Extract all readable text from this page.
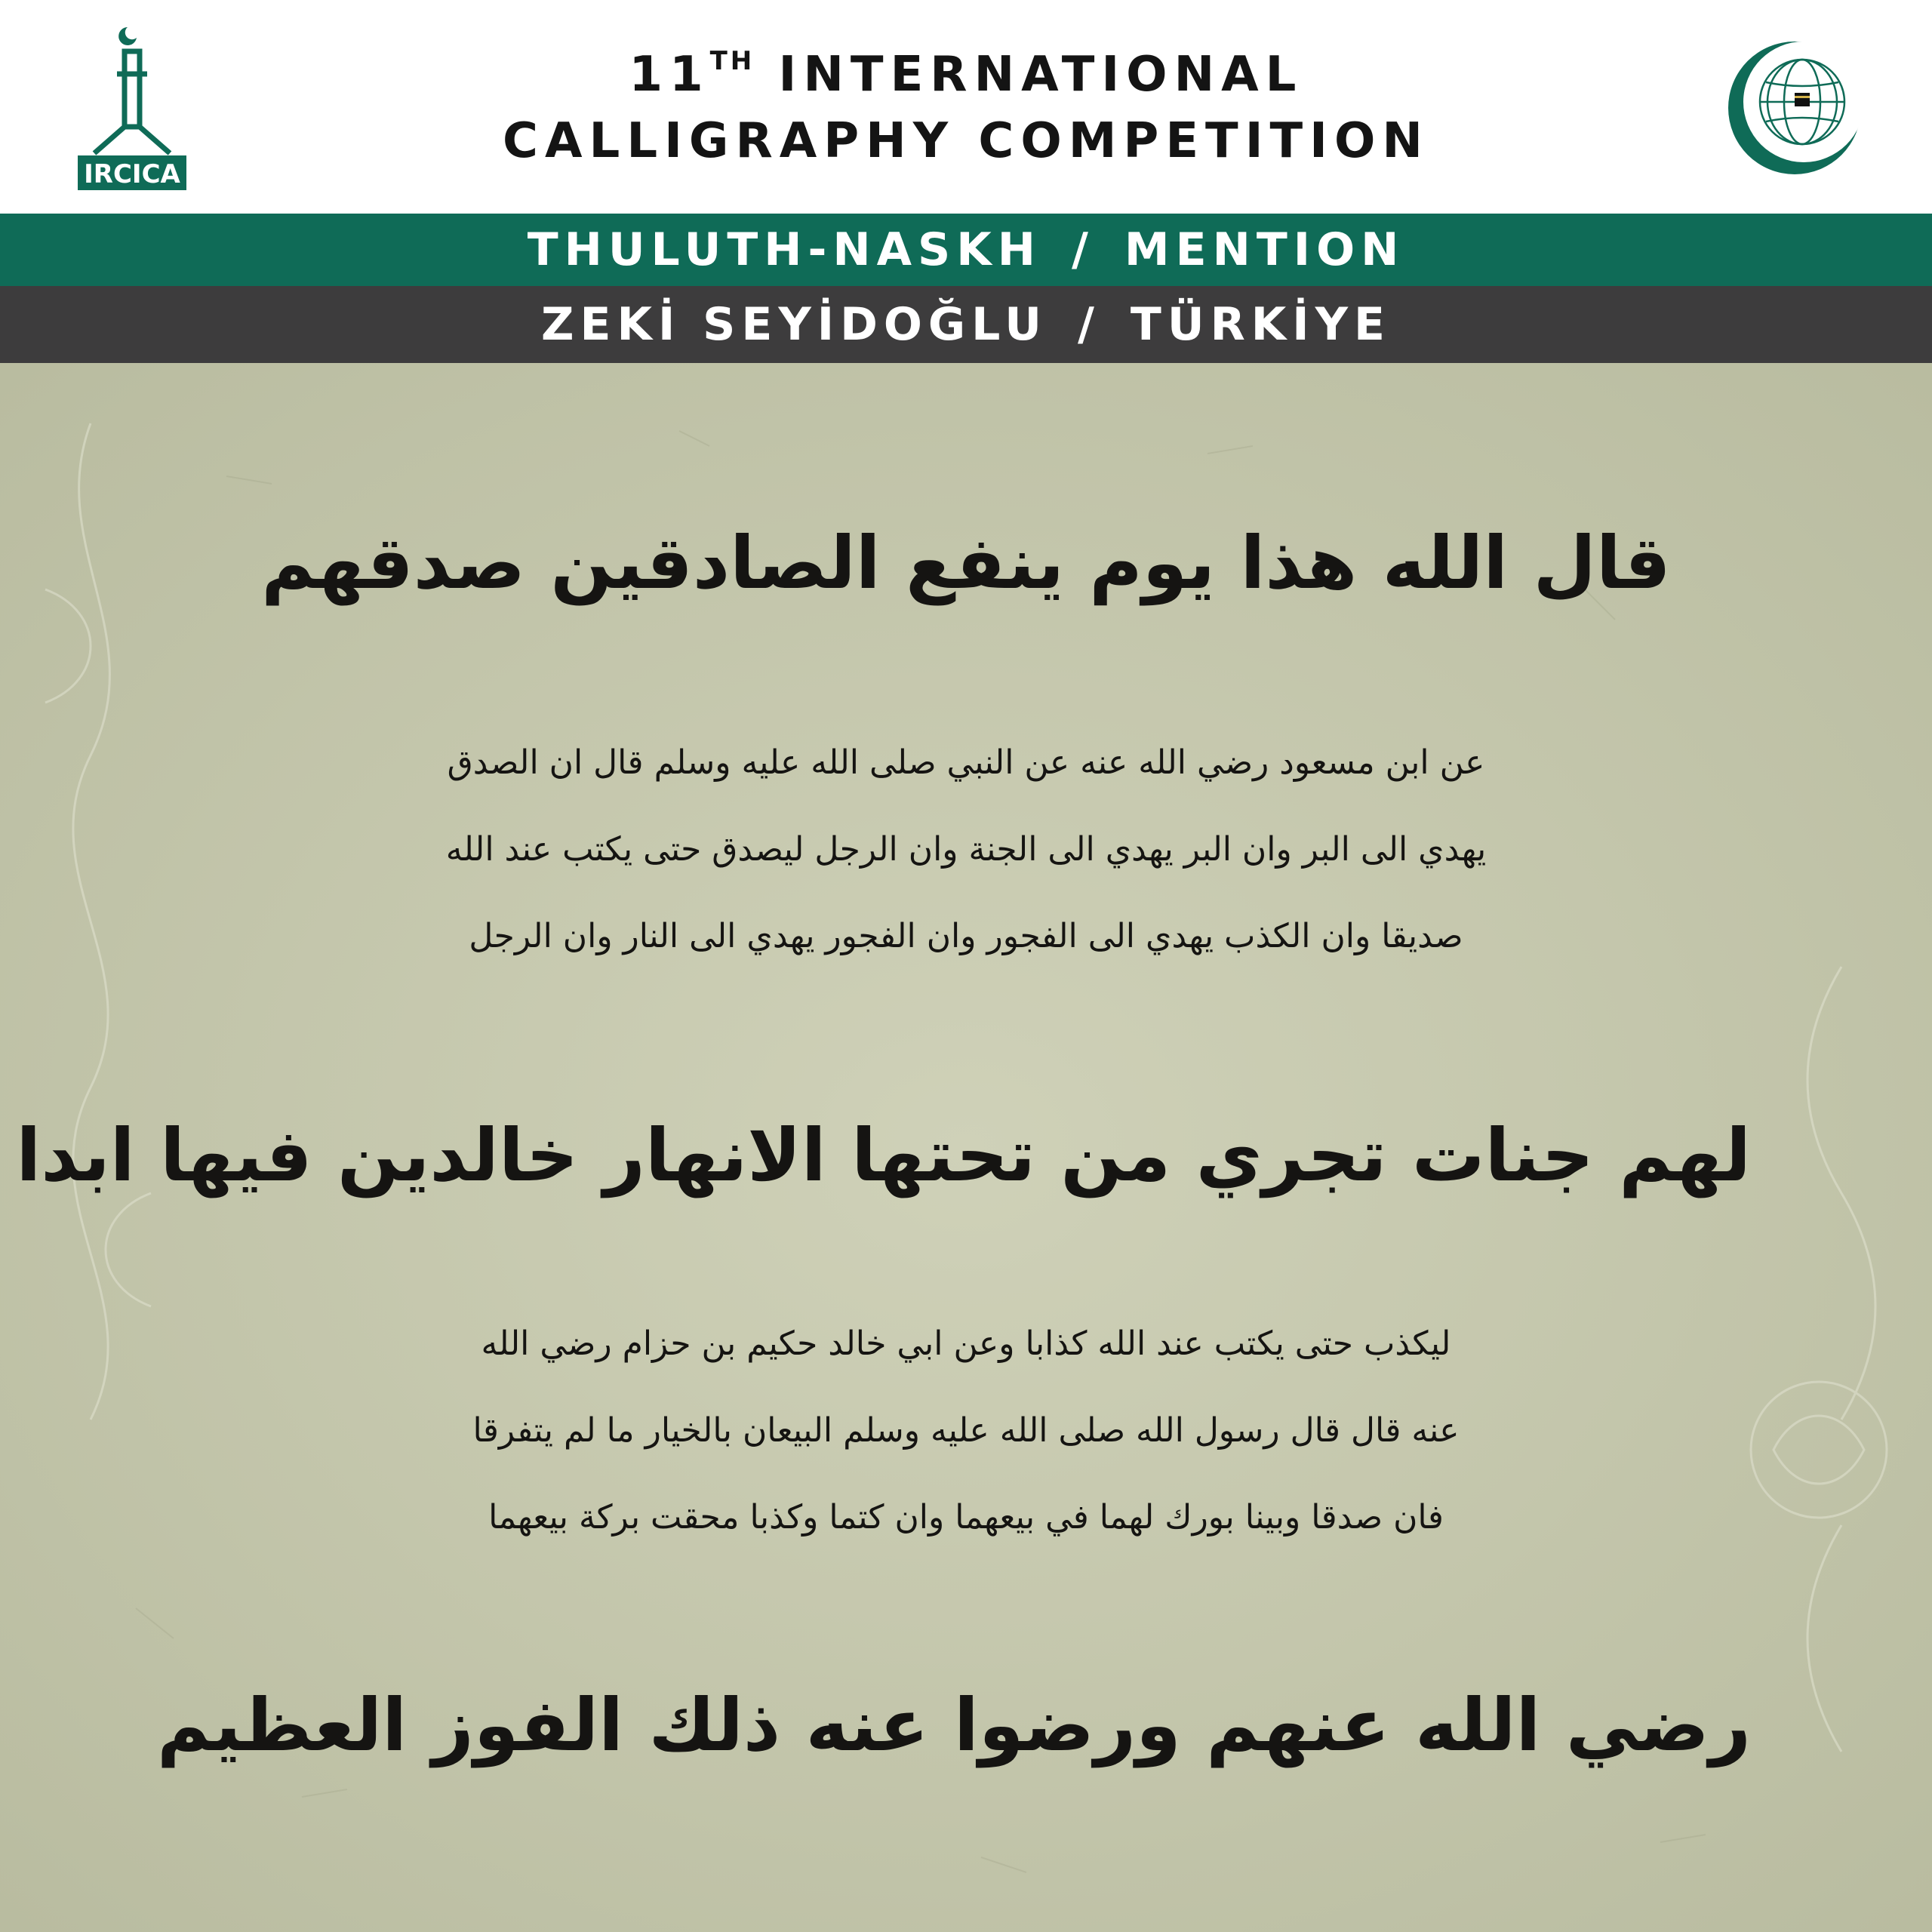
IRCICA
11TH INTERNATIONAL
CALLIGRAPHY COMPETITION
THULUTH-NASKH / MENTION
ZEKİ SEYİDOĞLU / TÜRKİYE
قال الله هذا يوم ينفع الصادقين صدقهم
عن ابن مسعود رضي الله عنه عن النبي صلى الله عليه وسلم قال ان الصدق
يهدي الى البر وان البر يهدي الى الجنة وان الرجل ليصدق حتى يكتب عند الله
صديقا وان الكذب يهدي الى الفجور وان الفجور يهدي الى النار وان الرجل
لهم جنات تجري من تحتها الانهار خالدين فيها ابدا
ليكذب حتى يكتب عند الله كذابا وعن ابي خالد حكيم بن حزام رضي الله
عنه قال قال رسول الله صلى الله عليه وسلم البيعان بالخيار ما لم يتفرقا
فان صدقا وبينا بورك لهما في بيعهما وان كتما وكذبا محقت بركة بيعهما
رضي الله عنهم ورضوا عنه ذلك الفوز العظيم
